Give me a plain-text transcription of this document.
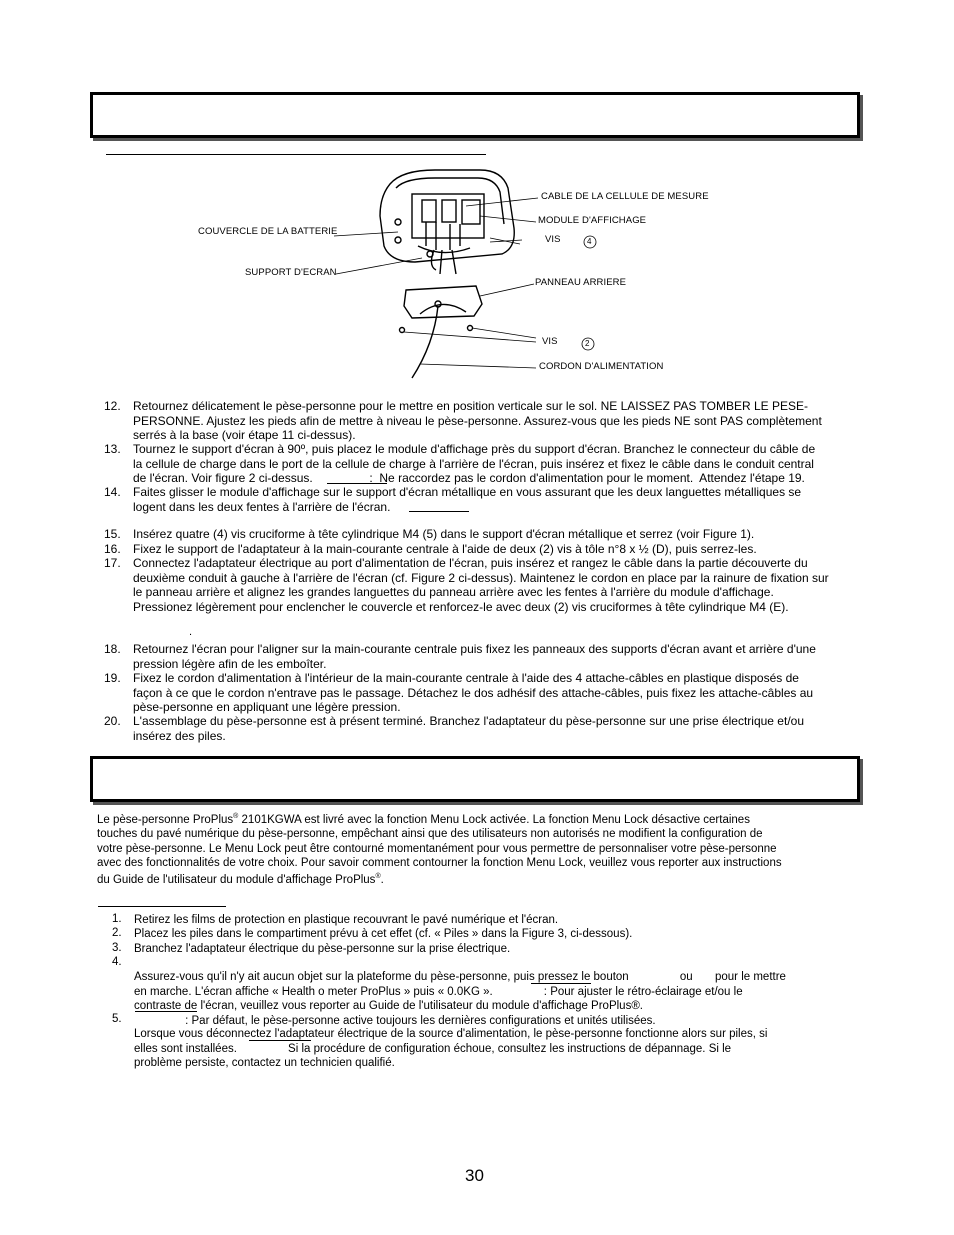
CABLE DE LA CELLULE DE MESURE
MODULE D'AFFICHAGE
VIS	4
COUVERCLE DE LA BATTERIE
SUPPORT D'ECRAN
PANNEAU ARRIERE
VIS	2
CORDON D'ALIMENTATION
12. Retournez délicatement le pèse-personne pour le mettre en position verticale sur le sol. NE LAISSEZ PAS TOMBER LE PESE-
PERSONNE. Ajustez les pieds afin de mettre à niveau le pèse-personne. Assurez-vous que les pieds NE sont PAS complètement
serrés à la base (voir étape 11 ci-dessus).
13. Tournez le support d'écran à 90º, puis placez le module d'affichage près du support d'écran. Branchez le connecteur du câble de
la cellule de charge dans le port de la cellule de charge à l'arrière de l'écran, puis insérez et fixez le câble dans le conduit central
de l'écran. Voir figure 2 ci-dessus.                 :  Ne raccordez pas le cordon d'alimentation pour le moment.  Attendez l'étape 19.
14. Faites glisser le module d'affichage sur le support d'écran métallique en vous assurant que les deux languettes métalliques se
logent dans les deux fentes à l'arrière de l'écran.
15. Insérez quatre (4) vis cruciforme à tête cylindrique M4 (5) dans le support d'écran métallique et serrez (voir Figure 1).
16. Fixez le support de l'adaptateur à la main-courante centrale à l'aide de deux (2) vis à tôle n°8 x ½ (D), puis serrez-les.
17. Connectez l'adaptateur électrique au port d'alimentation de l'écran, puis insérez et rangez le câble dans la partie découverte du
deuxième conduit à gauche à l'arrière de l'écran (cf. Figure 2 ci-dessus). Maintenez le cordon en place par la rainure de fixation sur
le panneau arrière et alignez les grandes languettes du panneau arrière avec les fentes à l'arrière du module d'affichage.
Pressionez légèrement pour enclencher le couvercle et renforcez-le avec deux (2) vis cruciformes à tête cylindrique M4 (E).
.
18. Retournez l'écran pour l'aligner sur la main-courante centrale puis fixez les panneaux des supports d'écran avant et arrière d'une
pression légère afin de les emboîter.
19. Fixez le cordon d'alimentation à l'intérieur de la main-courante centrale à l'aide des 4 attache-câbles en plastique disposés de
façon à ce que le cordon n'entrave pas le passage. Détachez le dos adhésif des attache-câbles, puis fixez les attache-câbles au
pèse-personne en appliquant une légère pression.
20. L'assemblage du pèse-personne est à présent terminé. Branchez l'adaptateur du pèse-personne sur une prise électrique et/ou
insérez des piles.
Le pèse-personne ProPlus® 2101KGWA est livré avec la fonction Menu Lock activée. La fonction Menu Lock désactive certaines
touches du pavé numérique du pèse-personne, empêchant ainsi que des utilisateurs non autorisés ne modifient la configuration de
votre pèse-personne. Le Menu Lock peut être contourné momentanément pour vous permettre de personnaliser votre pèse-personne
avec des fonctionnalités de votre choix. Pour savoir comment contourner la fonction Menu Lock, veuillez vous reporter aux instructions
du Guide de l'utilisateur du module d'affichage ProPlus®.
1. Retirez les films de protection en plastique recouvrant le pavé numérique et l'écran.
2. Placez les piles dans le compartiment prévu à cet effet (cf. « Piles » dans la Figure 3, ci-dessous).
3. Branchez l'adaptateur électrique du pèse-personne sur la prise électrique.
4.

Assurez-vous qu'il n'y ait aucun objet sur la plateforme du pèse-personne, puis pressez le bouton                ou       pour le mettre
en marche. L'écran affiche « Health o meter ProPlus » puis « 0.0KG ».                : Pour ajuster le rétro-éclairage et/ou le
contraste de l'écran, veuillez vous reporter au Guide de l'utilisateur du module d'affichage ProPlus®.
: Par défaut, le pèse-personne active toujours les dernières configurations et unités utilisées.
5.

Lorsque vous déconnectez l'adaptateur électrique de la source d'alimentation, le pèse-personne fonctionne alors sur piles, si
elles sont installées.                Si la procédure de configuration échoue, consultez les instructions de dépannage. Si le
problème persiste, contactez un technicien qualifié.
30
